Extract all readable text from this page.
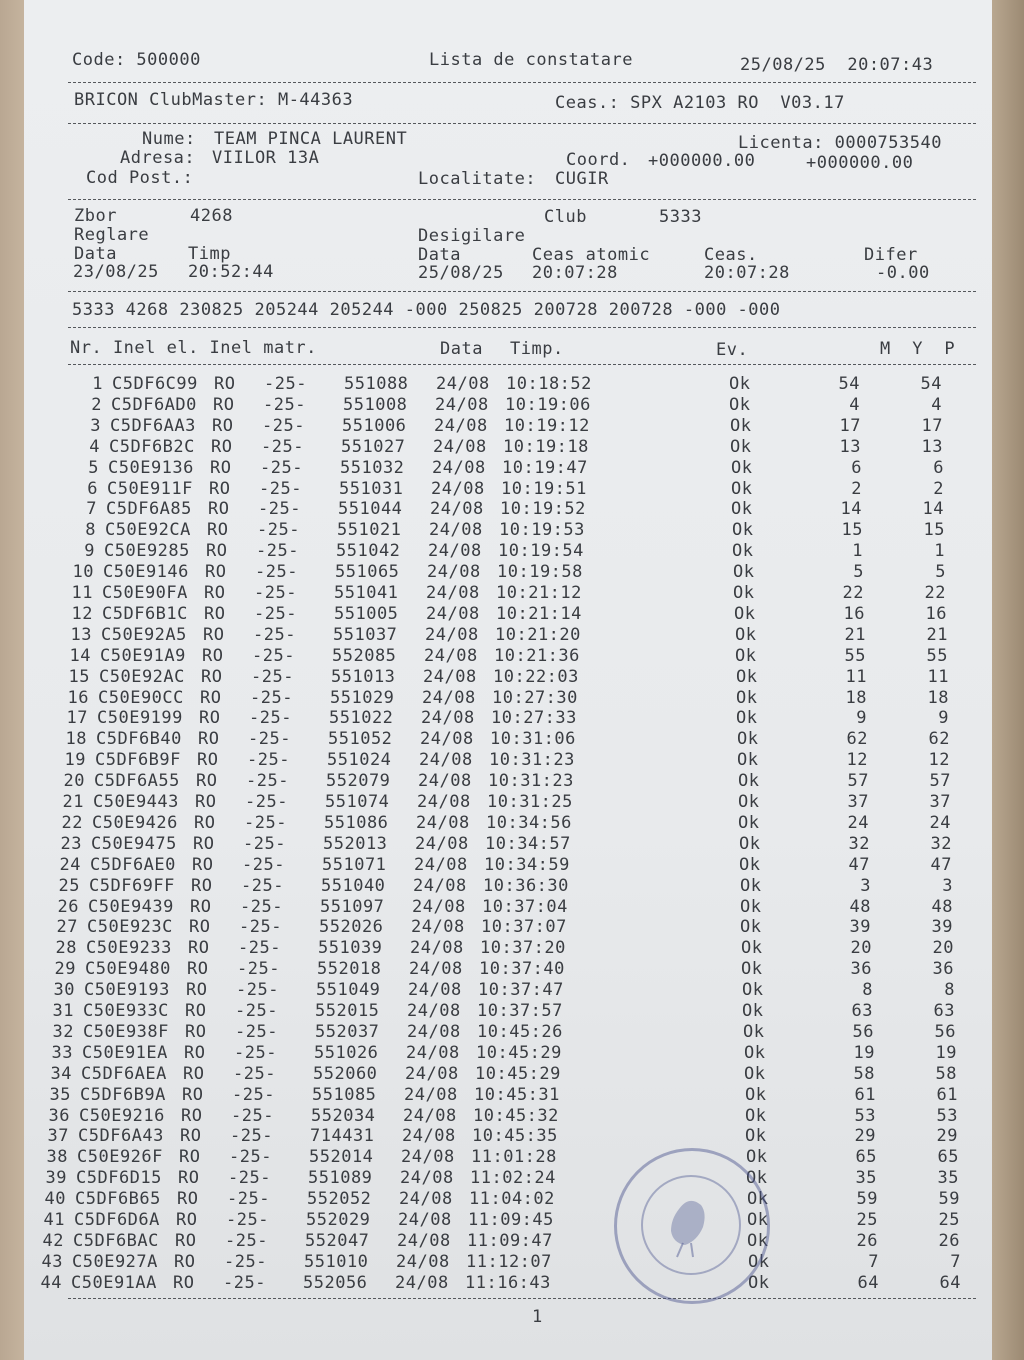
Code: 500000	Lista de constatare	25/08/25  20:07:43
BRICON ClubMaster: M-44363	Ceas.: SPX A2103 RO  V03.17
Nume: TEAM PINCA LAURENT	Licenta: 0000753540
Adresa: VIILOR 13A	Coord. +000000.00	+000000.00
Cod Post.:	Localitate: CUGIR
Zbor	4268	Club	5333
Reglare	Desigilare
Data	Timp	Data	Ceas atomic	Ceas.	Difer
23/08/25 20:52:44	25/08/25 20:07:28	20:07:28	-0.00
5333 4268 230825 205244 205244 -000 250825 200728 200728 -000 -000
Nr. Inel el. Inel matr.	Data Timp.	Ev.	M  Y  P
1 C5DF6C99 RO -25- 551088 24/08 10:18:52	Ok	54	54
2 C5DF6AD0 RO -25- 551008 24/08 10:19:06	Ok	4	4
3 C5DF6AA3 RO -25- 551006 24/08 10:19:12	Ok	17	17
4 C5DF6B2C RO -25- 551027 24/08 10:19:18	Ok	13	13
5 C50E9136 RO -25- 551032 24/08 10:19:47	Ok	6	6
6 C50E911F RO -25- 551031 24/08 10:19:51	Ok	2	2
7 C5DF6A85 RO -25- 551044 24/08 10:19:52	Ok	14	14
8 C50E92CA RO -25- 551021 24/08 10:19:53	Ok	15	15
9 C50E9285 RO -25- 551042 24/08 10:19:54	Ok	1	1
10 C50E9146 RO -25- 551065 24/08 10:19:58	Ok	5	5
11 C50E90FA RO -25- 551041 24/08 10:21:12	Ok	22	22
12 C5DF6B1C RO -25- 551005 24/08 10:21:14	Ok	16	16
13 C50E92A5 RO -25- 551037 24/08 10:21:20	Ok	21	21
14 C50E91A9 RO -25- 552085 24/08 10:21:36	Ok	55	55
15 C50E92AC RO -25- 551013 24/08 10:22:03	Ok	11	11
16 C50E90CC RO -25- 551029 24/08 10:27:30	Ok	18	18
17 C50E9199 RO -25- 551022 24/08 10:27:33	Ok	9	9
18 C5DF6B40 RO -25- 551052 24/08 10:31:06	Ok	62	62
19 C5DF6B9F RO -25- 551024 24/08 10:31:23	Ok	12	12
20 C5DF6A55 RO -25- 552079 24/08 10:31:23	Ok	57	57
21 C50E9443 RO -25- 551074 24/08 10:31:25	Ok	37	37
22 C50E9426 RO -25- 551086 24/08 10:34:56	Ok	24	24
23 C50E9475 RO -25- 552013 24/08 10:34:57	Ok	32	32
24 C5DF6AE0 RO -25- 551071 24/08 10:34:59	Ok	47	47
25 C5DF69FF RO -25- 551040 24/08 10:36:30	Ok	3	3
26 C50E9439 RO -25- 551097 24/08 10:37:04	Ok	48	48
27 C50E923C RO -25- 552026 24/08 10:37:07	Ok	39	39
28 C50E9233 RO -25- 551039 24/08 10:37:20	Ok	20	20
29 C50E9480 RO -25- 552018 24/08 10:37:40	Ok	36	36
30 C50E9193 RO -25- 551049 24/08 10:37:47	Ok	8	8
31 C50E933C RO -25- 552015 24/08 10:37:57	Ok	63	63
32 C50E938F RO -25- 552037 24/08 10:45:26	Ok	56	56
33 C50E91EA RO -25- 551026 24/08 10:45:29	Ok	19	19
34 C5DF6AEA RO -25- 552060 24/08 10:45:29	Ok	58	58
35 C5DF6B9A RO -25- 551085 24/08 10:45:31	Ok	61	61
36 C50E9216 RO -25- 552034 24/08 10:45:32	Ok	53	53
37 C5DF6A43 RO -25- 714431 24/08 10:45:35	Ok	29	29
38 C50E926F RO -25- 552014 24/08 11:01:28	Ok	65	65
39 C5DF6D15 RO -25- 551089 24/08 11:02:24	Ok	35	35
40 C5DF6B65 RO -25- 552052 24/08 11:04:02	Ok	59	59
41 C5DF6D6A RO -25- 552029 24/08 11:09:45	Ok	25	25
42 C5DF6BAC RO -25- 552047 24/08 11:09:47	Ok	26	26
43 C50E927A RO -25- 551010 24/08 11:12:07	Ok	7	7
44 C50E91AA RO -25- 552056 24/08 11:16:43	Ok	64	64
1
